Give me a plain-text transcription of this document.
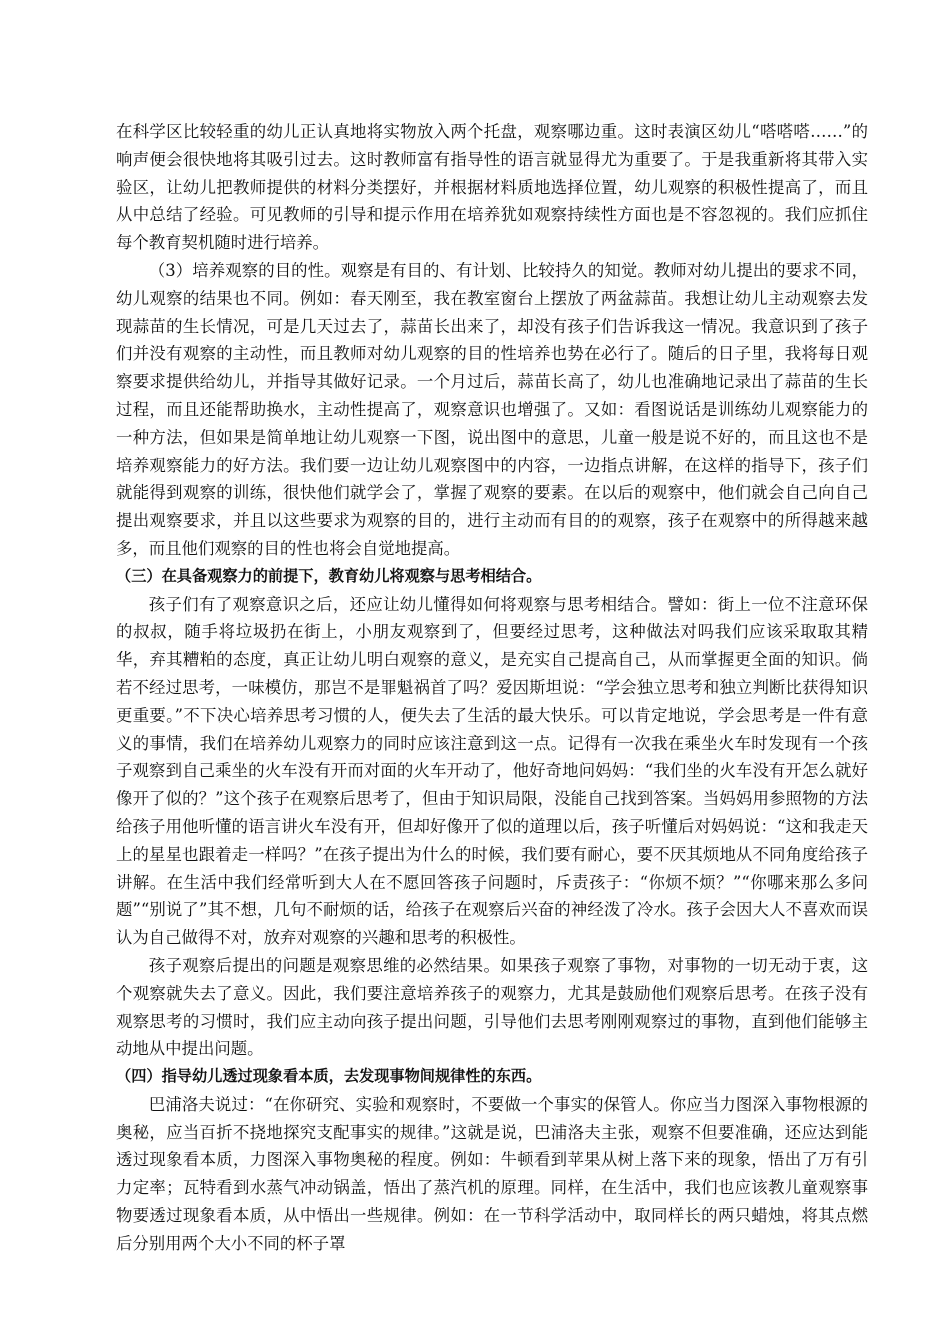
在科学区比较轻重的幼儿正认真地将实物放入两个托盘，观察哪边重。这时表演区幼儿“嗒嗒嗒……”的响声便会很快地将其吸引过去。这时教师富有指导性的语言就显得尤为重要了。于是我重新将其带入实验区，让幼儿把教师提供的材料分类摆好，并根据材料质地选择位置，幼儿观察的积极性提高了，而且从中总结了经验。可见教师的引导和提示作用在培养犹如观察持续性方面也是不容忽视的。我们应抓住每个教育契机随时进行培养。

（3）培养观察的目的性。观察是有目的、有计划、比较持久的知觉。教师对幼儿提出的要求不同，幼儿观察的结果也不同。例如：春天刚至，我在教室窗台上摆放了两盆蒜苗。我想让幼儿主动观察去发现蒜苗的生长情况，可是几天过去了，蒜苗长出来了，却没有孩子们告诉我这一情况。我意识到了孩子们并没有观察的主动性，而且教师对幼儿观察的目的性培养也势在必行了。随后的日子里，我将每日观察要求提供给幼儿，并指导其做好记录。一个月过后，蒜苗长高了，幼儿也准确地记录出了蒜苗的生长过程，而且还能帮助换水，主动性提高了，观察意识也增强了。又如：看图说话是训练幼儿观察能力的一种方法，但如果是简单地让幼儿观察一下图，说出图中的意思，儿童一般是说不好的，而且这也不是培养观察能力的好方法。我们要一边让幼儿观察图中的内容，一边指点讲解，在这样的指导下，孩子们就能得到观察的训练，很快他们就学会了，掌握了观察的要素。在以后的观察中，他们就会自己向自己提出观察要求，并且以这些要求为观察的目的，进行主动而有目的的观察，孩子在观察中的所得越来越多，而且他们观察的目的性也将会自觉地提高。

（三）在具备观察力的前提下，教育幼儿将观察与思考相结合。

孩子们有了观察意识之后，还应让幼儿懂得如何将观察与思考相结合。譬如：街上一位不注意环保的叔叔，随手将垃圾扔在街上，小朋友观察到了，但要经过思考，这种做法对吗我们应该采取取其精华，弃其糟粕的态度，真正让幼儿明白观察的意义，是充实自己提高自己，从而掌握更全面的知识。倘若不经过思考，一味模仿，那岂不是罪魁祸首了吗？爱因斯坦说：“学会独立思考和独立判断比获得知识更重要。”不下决心培养思考习惯的人，便失去了生活的最大快乐。可以肯定地说，学会思考是一件有意义的事情，我们在培养幼儿观察力的同时应该注意到这一点。记得有一次我在乘坐火车时发现有一个孩子观察到自己乘坐的火车没有开而对面的火车开动了，他好奇地问妈妈：“我们坐的火车没有开怎么就好像开了似的？”这个孩子在观察后思考了，但由于知识局限，没能自己找到答案。当妈妈用参照物的方法给孩子用他听懂的语言讲火车没有开，但却好像开了似的道理以后，孩子听懂后对妈妈说：“这和我走天上的星星也跟着走一样吗？”在孩子提出为什么的时候，我们要有耐心，要不厌其烦地从不同角度给孩子讲解。在生活中我们经常听到大人在不愿回答孩子问题时，斥责孩子：“你烦不烦？”“你哪来那么多问题”“别说了”其不想，几句不耐烦的话，给孩子在观察后兴奋的神经泼了冷水。孩子会因大人不喜欢而误认为自己做得不对，放弃对观察的兴趣和思考的积极性。

孩子观察后提出的问题是观察思维的必然结果。如果孩子观察了事物，对事物的一切无动于衷，这个观察就失去了意义。因此，我们要注意培养孩子的观察力，尤其是鼓励他们观察后思考。在孩子没有观察思考的习惯时，我们应主动向孩子提出问题，引导他们去思考刚刚观察过的事物，直到他们能够主动地从中提出问题。

（四）指导幼儿透过现象看本质，去发现事物间规律性的东西。

巴浦洛夫说过：“在你研究、实验和观察时，不要做一个事实的保管人。你应当力图深入事物根源的奥秘，应当百折不挠地探究支配事实的规律。”这就是说，巴浦洛夫主张，观察不但要准确，还应达到能透过现象看本质，力图深入事物奥秘的程度。例如：牛顿看到苹果从树上落下来的现象，悟出了万有引力定率；瓦特看到水蒸气冲动锅盖，悟出了蒸汽机的原理。同样，在生活中，我们也应该教儿童观察事物要透过现象看本质，从中悟出一些规律。例如：在一节科学活动中，取同样长的两只蜡烛，将其点燃后分别用两个大小不同的杯子罩
